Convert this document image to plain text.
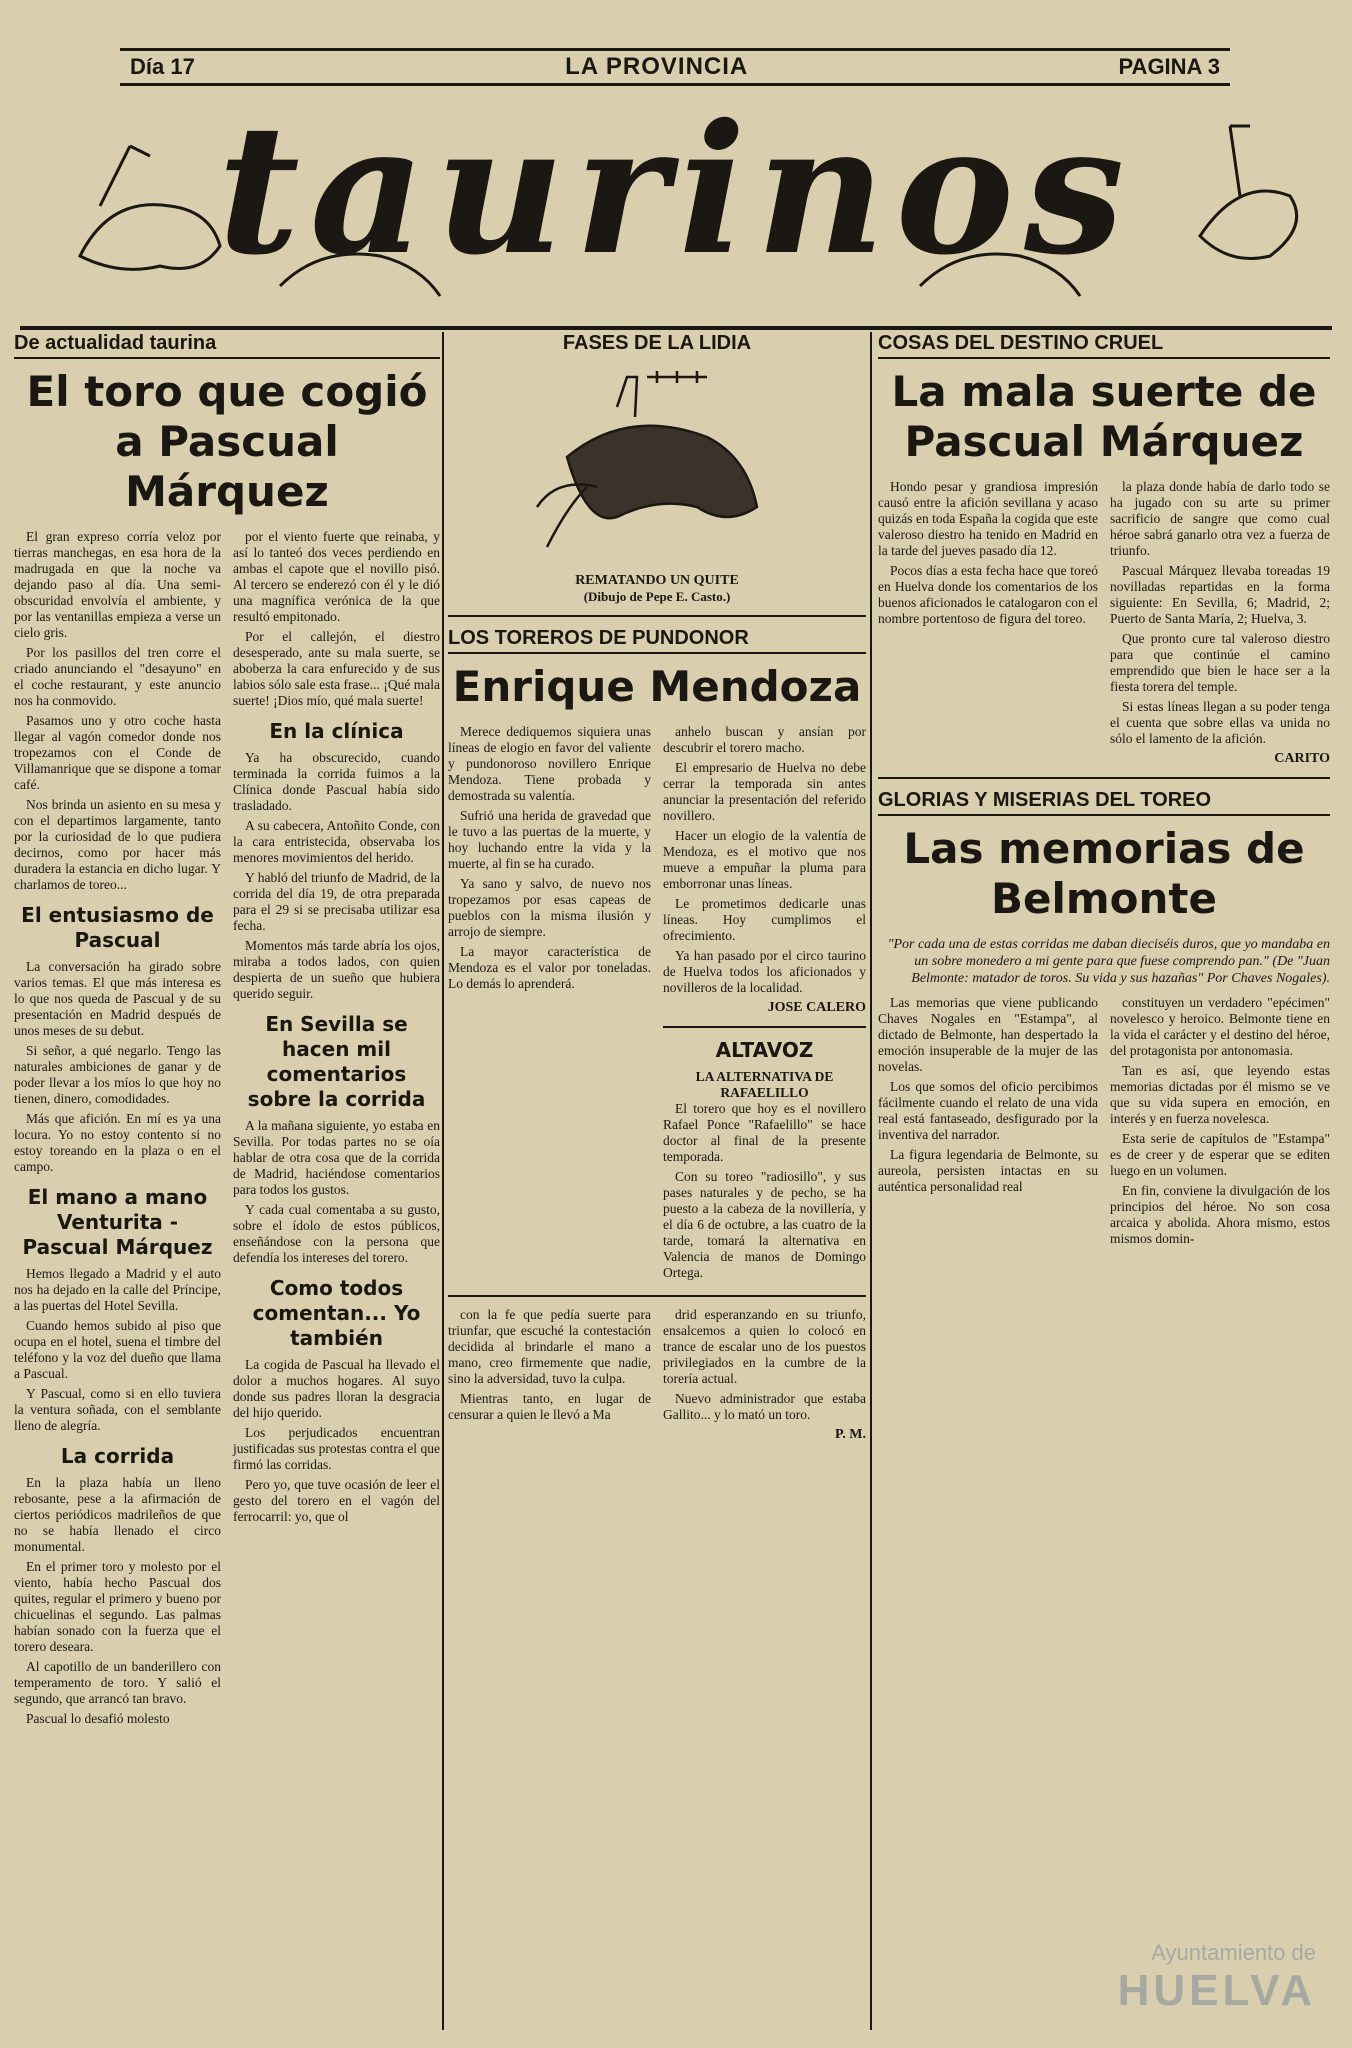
Día 17	LA PROVINCIA	PAGINA 3
taurinos
De actualidad taurina
El toro que cogió a Pascual Márquez

El gran expreso corría veloz por tierras manchegas, en esa hora de la madrugada en que la noche va dejando paso al día. Una semi-obscuridad envolvía el ambiente, y por las ventanillas empieza a verse un cielo gris.

Por los pasillos del tren corre el criado anunciando el "desayuno" en el coche restaurant, y este anuncio nos ha conmovido.

Pasamos uno y otro coche hasta llegar al vagón comedor donde nos tropezamos con el Conde de Villamanrique que se dispone a tomar café.

Nos brinda un asiento en su mesa y con el departimos largamente, tanto por la curiosidad de lo que pudiera decirnos, como por hacer más duradera la estancia en dicho lugar. Y charlamos de toreo...

El entusiasmo de Pascual

La conversación ha girado sobre varios temas. El que más interesa es lo que nos queda de Pascual y de su presentación en Madrid después de unos meses de su debut.

Si señor, a qué negarlo. Tengo las naturales ambiciones de ganar y de poder llevar a los míos lo que hoy no tienen, dinero, comodidades.

Más que afición. En mí es ya una locura. Yo no estoy contento si no estoy toreando en la plaza o en el campo.

El mano a mano Venturita - Pascual Márquez

Hemos llegado a Madrid y el auto nos ha dejado en la calle del Príncipe, a las puertas del Hotel Sevilla.

Cuando hemos subido al piso que ocupa en el hotel, suena el timbre del teléfono y la voz del dueño que llama a Pascual.

Y Pascual, como si en ello tuviera la ventura soñada, con el semblante lleno de alegría.

La corrida

En la plaza había un lleno rebosante, pese a la afirmación de ciertos periódicos madrileños de que no se había llenado el circo monumental.

En el primer toro y molesto por el viento, había hecho Pascual dos quites, regular el primero y bueno por chicuelinas el segundo. Las palmas habían sonado con la fuerza que el torero deseara.

Al capotillo de un banderillero con temperamento de toro. Y salió el segundo, que arrancó tan bravo.

Pascual lo desafió molesto

por el viento fuerte que reinaba, y así lo tanteó dos veces perdiendo en ambas el capote que el novillo pisó. Al tercero se enderezó con él y le dió una magnífica verónica de la que resultó empitonado.

Por el callejón, el diestro desesperado, ante su mala suerte, se aboberza la cara enfurecido y de sus labios sólo sale esta frase... ¡Qué mala suerte! ¡Dios mío, qué mala suerte!

En la clínica

Ya ha obscurecido, cuando terminada la corrida fuimos a la Clínica donde Pascual había sido trasladado.

A su cabecera, Antoñito Conde, con la cara entristecida, observaba los menores movimientos del herido.

Y habló del triunfo de Madrid, de la corrida del día 19, de otra preparada para el 29 si se precisaba utilizar esa fecha.

Momentos más tarde abría los ojos, miraba a todos lados, con quien despierta de un sueño que hubiera querido seguir.

En Sevilla se hacen mil comentarios sobre la corrida

A la mañana siguiente, yo estaba en Sevilla. Por todas partes no se oía hablar de otra cosa que de la corrida de Madrid, haciéndose comentarios para todos los gustos.

Y cada cual comentaba a su gusto, sobre el ídolo de estos públicos, enseñándose con la persona que defendía los intereses del torero.

Como todos comentan... Yo también

La cogida de Pascual ha llevado el dolor a muchos hogares. Al suyo donde sus padres lloran la desgracia del hijo querido.

Los perjudicados encuentran justificadas sus protestas contra el que firmó las corridas.

Pero yo, que tuve ocasión de leer el gesto del torero en el vagón del ferrocarril: yo, que ol

FASES DE LA LIDIA
REMATANDO UN QUITE
(Dibujo de Pepe E. Casto.)
LOS TOREROS DE PUNDONOR
Enrique Mendoza

Merece dediquemos siquiera unas líneas de elogio en favor del valiente y pundonoroso novillero Enrique Mendoza. Tiene probada y demostrada su valentía.

Sufrió una herida de gravedad que le tuvo a las puertas de la muerte, y hoy luchando entre la vida y la muerte, al fin se ha curado.

Ya sano y salvo, de nuevo nos tropezamos por esas capeas de pueblos con la misma ilusión y arrojo de siempre.

La mayor característica de Mendoza es el valor por toneladas. Lo demás lo aprenderá.

anhelo buscan y ansían por descubrir el torero macho.

El empresario de Huelva no debe cerrar la temporada sin antes anunciar la presentación del referido novillero.

Hacer un elogio de la valentía de Mendoza, es el motivo que nos mueve a empuñar la pluma para emborronar unas líneas.

Le prometimos dedicarle unas líneas. Hoy cumplimos el ofrecimiento.

Ya han pasado por el circo taurino de Huelva todos los aficionados y novilleros de la localidad.

JOSE CALERO
ALTAVOZ
LA ALTERNATIVA DE RAFAELILLO

El torero que hoy es el novillero Rafael Ponce "Rafaelillo" se hace doctor al final de la presente temporada.

Con su toreo "radiosillo", y sus pases naturales y de pecho, se ha puesto a la cabeza de la novillería, y el día 6 de octubre, a las cuatro de la tarde, tomará la alternativa en Valencia de manos de Domingo Ortega.

con la fe que pedía suerte para triunfar, que escuché la contestación decidida al brindarle el mano a mano, creo firmemente que nadie, sino la adversidad, tuvo la culpa.

Mientras tanto, en lugar de censurar a quien le llevó a Ma

drid esperanzando en su triunfo, ensalcemos a quien lo colocó en trance de escalar uno de los puestos privilegiados en la cumbre de la torería actual.

Nuevo administrador que estaba Gallito... y lo mató un toro.

P. M.
COSAS DEL DESTINO CRUEL
La mala suerte de Pascual Márquez

Hondo pesar y grandiosa impresión causó entre la afición sevillana y acaso quizás en toda España la cogida que este valeroso diestro ha tenido en Madrid en la tarde del jueves pasado día 12.

Pocos días a esta fecha hace que toreó en Huelva donde los comentarios de los buenos aficionados le catalogaron con el nombre portentoso de figura del toreo.

la plaza donde había de darlo todo se ha jugado con su arte su primer sacrificio de sangre que como cual héroe sabrá ganarlo otra vez a fuerza de triunfo.

Pascual Márquez llevaba toreadas 19 novilladas repartidas en la forma siguiente: En Sevilla, 6; Madrid, 2; Puerto de Santa María, 2; Huelva, 3.

Que pronto cure tal valeroso diestro para que continúe el camino emprendido que bien le hace ser a la fiesta torera del temple.

Si estas líneas llegan a su poder tenga el cuenta que sobre ellas va unida no sólo el lamento de la afición.

CARITO
GLORIAS Y MISERIAS DEL TOREO
Las memorias de Belmonte
"Por cada una de estas corridas me daban dieciséis duros, que yo mandaba en un sobre monedero a mi gente para que fuese comprendo pan." (De "Juan Belmonte: matador de toros. Su vida y sus hazañas" Por Chaves Nogales).

Las memorias que viene publicando Chaves Nogales en "Estampa", al dictado de Belmonte, han despertado la emoción insuperable de la mujer de las novelas.

Los que somos del oficio percibimos fácilmente cuando el relato de una vida real está fantaseado, desfigurado por la inventiva del narrador.

La figura legendaria de Belmonte, su aureola, persisten intactas en su auténtica personalidad real

constituyen un verdadero "epécimen" novelesco y heroico. Belmonte tiene en la vida el carácter y el destino del héroe, del protagonista por antonomasia.

Tan es así, que leyendo estas memorias dictadas por él mismo se ve que su vida supera en emoción, en interés y en fuerza novelesca.

Esta serie de capítulos de "Estampa" es de creer y de esperar que se editen luego en un volumen.

En fin, conviene la divulgación de los principios del héroe. No son cosa arcaica y abolida. Ahora mismo, estos mismos domin-

Ayuntamiento de
HUELVA
